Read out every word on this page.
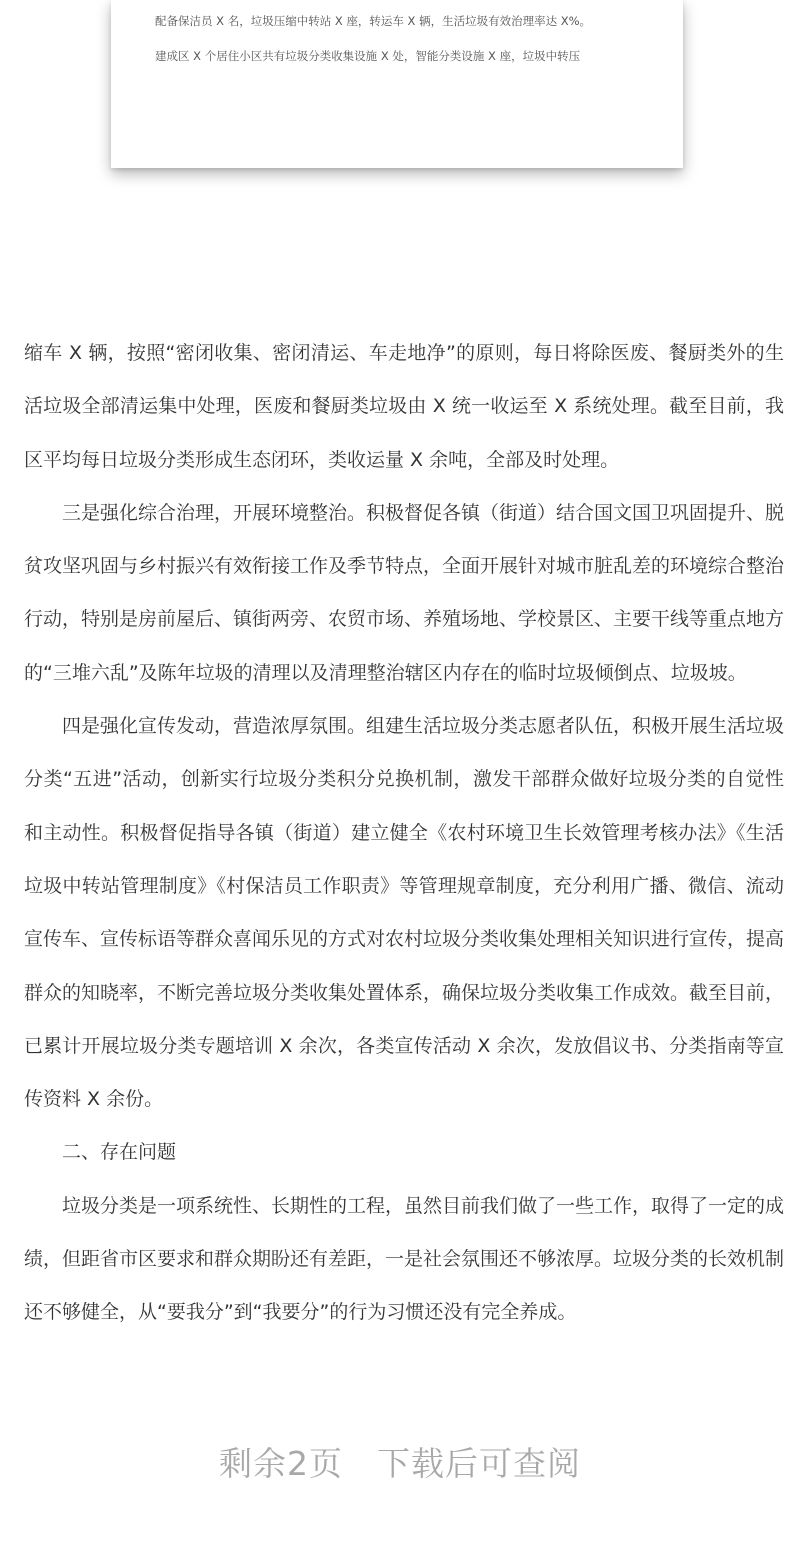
配备保洁员 X 名，垃圾压缩中转站 X 座，转运车 X 辆，生活垃圾有效治理率达 X%。
建成区 X 个居住小区共有垃圾分类收集设施 X 处，智能分类设施 X 座，垃圾中转压

缩车 X 辆，按照“密闭收集、密闭清运、车走地净”的原则，每日将除医废、餐厨类外的生活垃圾全部清运集中处理，医废和餐厨类垃圾由 X 统一收运至 X 系统处理。截至目前，我区平均每日垃圾分类形成生态闭环，类收运量 X 余吨，全部及时处理。

三是强化综合治理，开展环境整治。积极督促各镇（街道）结合国文国卫巩固提升、脱贫攻坚巩固与乡村振兴有效衔接工作及季节特点，全面开展针对城市脏乱差的环境综合整治行动，特别是房前屋后、镇街两旁、农贸市场、养殖场地、学校景区、主要干线等重点地方的“三堆六乱”及陈年垃圾的清理以及清理整治辖区内存在的临时垃圾倾倒点、垃圾坡。

四是强化宣传发动，营造浓厚氛围。组建生活垃圾分类志愿者队伍，积极开展生活垃圾分类“五进”活动，创新实行垃圾分类积分兑换机制，激发干部群众做好垃圾分类的自觉性和主动性。积极督促指导各镇（街道）建立健全《农村环境卫生长效管理考核办法》《生活垃圾中转站管理制度》《村保洁员工作职责》等管理规章制度，充分利用广播、微信、流动宣传车、宣传标语等群众喜闻乐见的方式对农村垃圾分类收集处理相关知识进行宣传，提高群众的知晓率，不断完善垃圾分类收集处置体系，确保垃圾分类收集工作成效。截至目前，已累计开展垃圾分类专题培训 X 余次，各类宣传活动 X 余次，发放倡议书、分类指南等宣传资料 X 余份。

二、存在问题

垃圾分类是一项系统性、长期性的工程，虽然目前我们做了一些工作，取得了一定的成绩，但距省市区要求和群众期盼还有差距，一是社会氛围还不够浓厚。垃圾分类的长效机制还不够健全，从“要我分”到“我要分”的行为习惯还没有完全养成。

剩余2页　下载后可查阅
